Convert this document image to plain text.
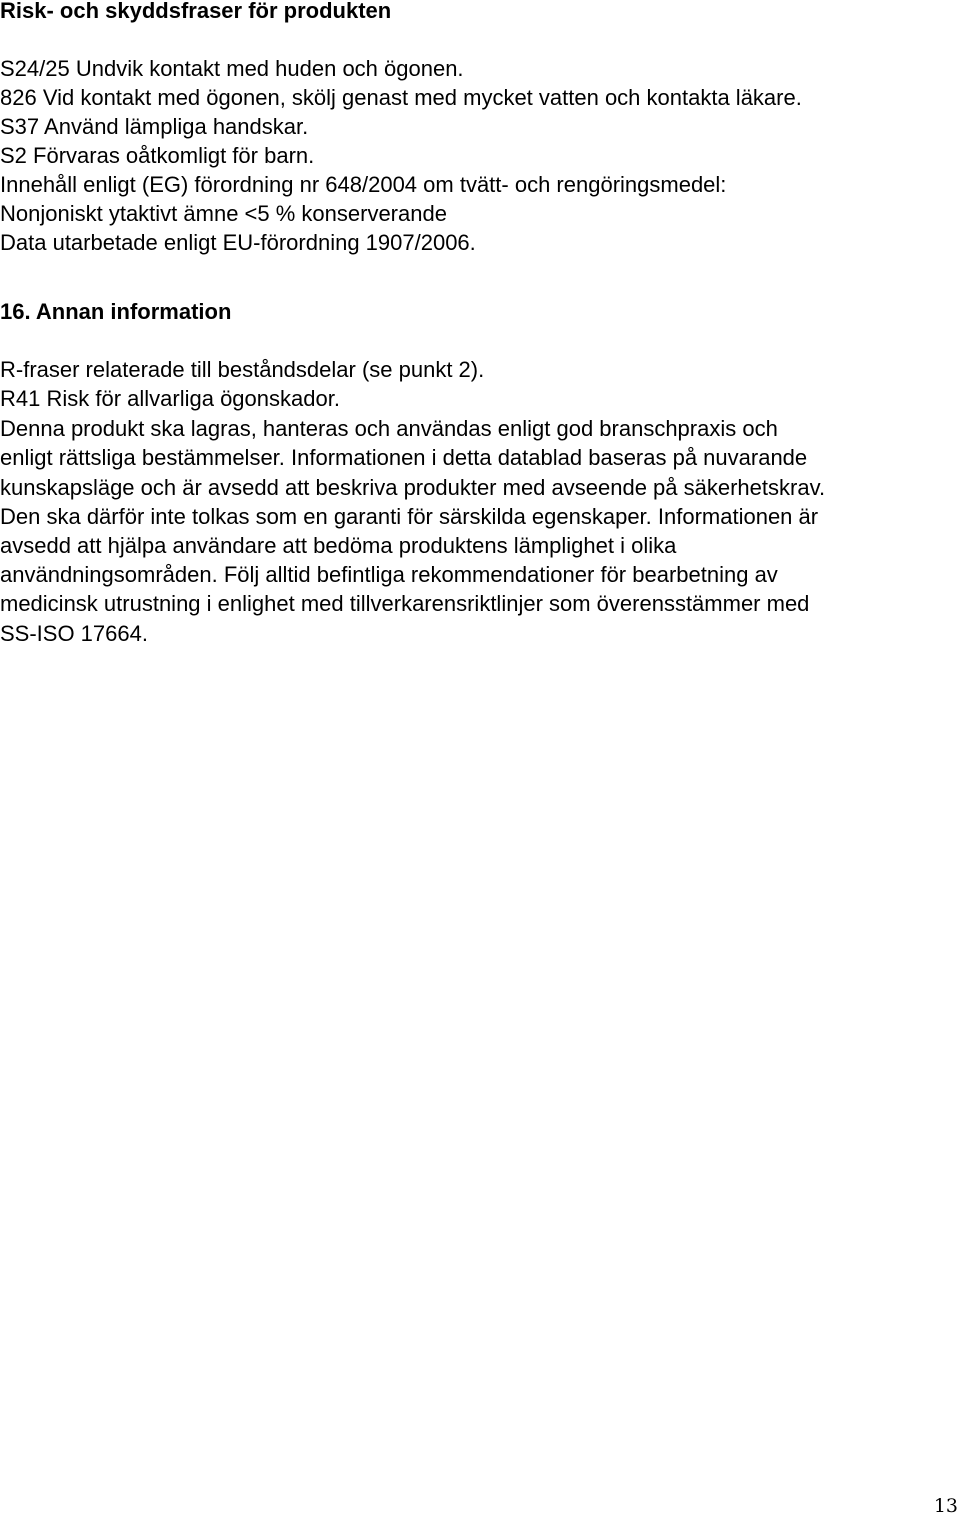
Risk- och skyddsfraser för produkten

S24/25 Undvik kontakt med huden och ögonen.

826 Vid kontakt med ögonen, skölj genast med mycket vatten och kontakta läkare.

S37 Använd lämpliga handskar.

S2 Förvaras oåtkomligt för barn.

Innehåll enligt (EG) förordning nr 648/2004 om tvätt- och rengöringsmedel:

Nonjoniskt ytaktivt ämne <5 % konserverande

Data utarbetade enligt EU-förordning 1907/2006.

16. Annan information

R-fraser relaterade till beståndsdelar (se punkt 2).

R41 Risk för allvarliga ögonskador.

Denna produkt ska lagras, hanteras och användas enligt god branschpraxis och

enligt rättsliga bestämmelser. Informationen i detta datablad baseras på nuvarande

kunskapsläge och är avsedd att beskriva produkter med avseende på säkerhetskrav.

Den ska därför inte tolkas som en garanti för särskilda egenskaper. Informationen är

avsedd att hjälpa användare att bedöma produktens lämplighet i olika

användningsområden. Följ alltid befintliga rekommendationer för bearbetning av

medicinsk utrustning i enlighet med tillverkarensriktlinjer som överensstämmer med

SS-ISO 17664.

13
